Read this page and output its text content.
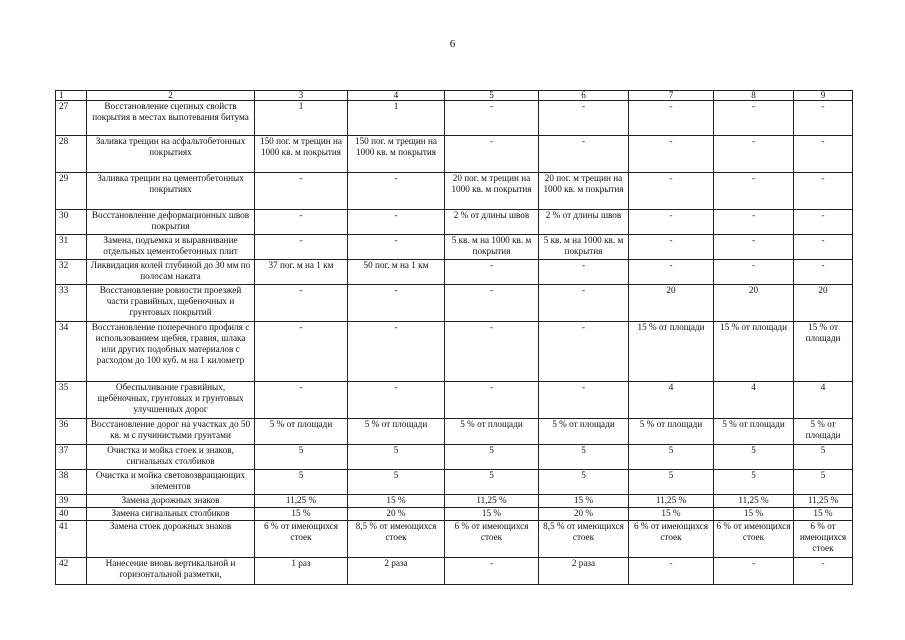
6
1	2	3	4	5	6	7	8	9
27	Восстановление сцепных свойств покрытия в местах выпотевания битума	1	1	-	-	-	-	-
28	Заливка трещин на асфальтобетонных покрытиях	150 пог. м трещин на 1000 кв. м покрытия	150 пог. м трещин на 1000 кв. м покрытия	-	-	-	-	-
29	Заливка трещин на цементобетонных покрытиях	-	-	20 пог. м трещин на 1000 кв. м покрытия	20 пог. м трещин на 1000 кв. м покрытия	-	-	-
30	Восстановление деформационных швов покрытия	-	-	2 % от длины швов	2 % от длины швов	-	-	-
31	Замена, подъемка и выравнивание отдельных цементобетонных плит	-	-	5 кв. м на 1000 кв. м покрытия	5 кв. м на 1000 кв. м покрытия	-	-	-
32	Ликвидация колей глубиной до 30 мм по полосам наката	37 пог. м на 1 км	50 пог. м на 1 км	-	-	-	-	-
33	Восстановление ровности проезжей части гравийных, щебеночных и грунтовых покрытий	-	-	-	-	20	20	20
34	Восстановление поперечного профиля с использованием щебня, гравия, шлака или других подобных материалов с расходом до 100 куб. м на 1 километр	-	-	-	-	15 % от площади	15 % от площади	15 % от площади
35	Обеспыливание гравийных, щебёночных, грунтовых и грунтовых улучшенных дорог	-	-	-	-	4	4	4
36	Восстановление дорог на участках до 50 кв. м с пучинистыми грунтами	5 % от площади	5 % от площади	5 % от площади	5 % от площади	5 % от площади	5 % от площади	5 % от площади
37	Очистка и мойка стоек и знаков, сигнальных столбиков	5	5	5	5	5	5	5
38	Очистка и мойка световозвращающих элементов	5	5	5	5	5	5	5
39	Замена дорожных знаков	11,25 %	15 %	11,25 %	15 %	11,25 %	11,25 %	11,25 %
40	Замена сигнальных столбиков	15 %	20 %	15 %	20 %	15 %	15 %	15 %
41	Замена стоек дорожных знаков	6 % от имеющихся стоек	8,5 % от имеющихся стоек	6 % от имеющихся стоек	8,5 % от имеющихся стоек	6 % от имеющихся стоек	6 % от имеющихся стоек	6 % от имеющихся стоек
42	Нанесение вновь вертикальной и горизонтальной разметки,	1 раз	2 раза	-	2 раза	-	-	-
